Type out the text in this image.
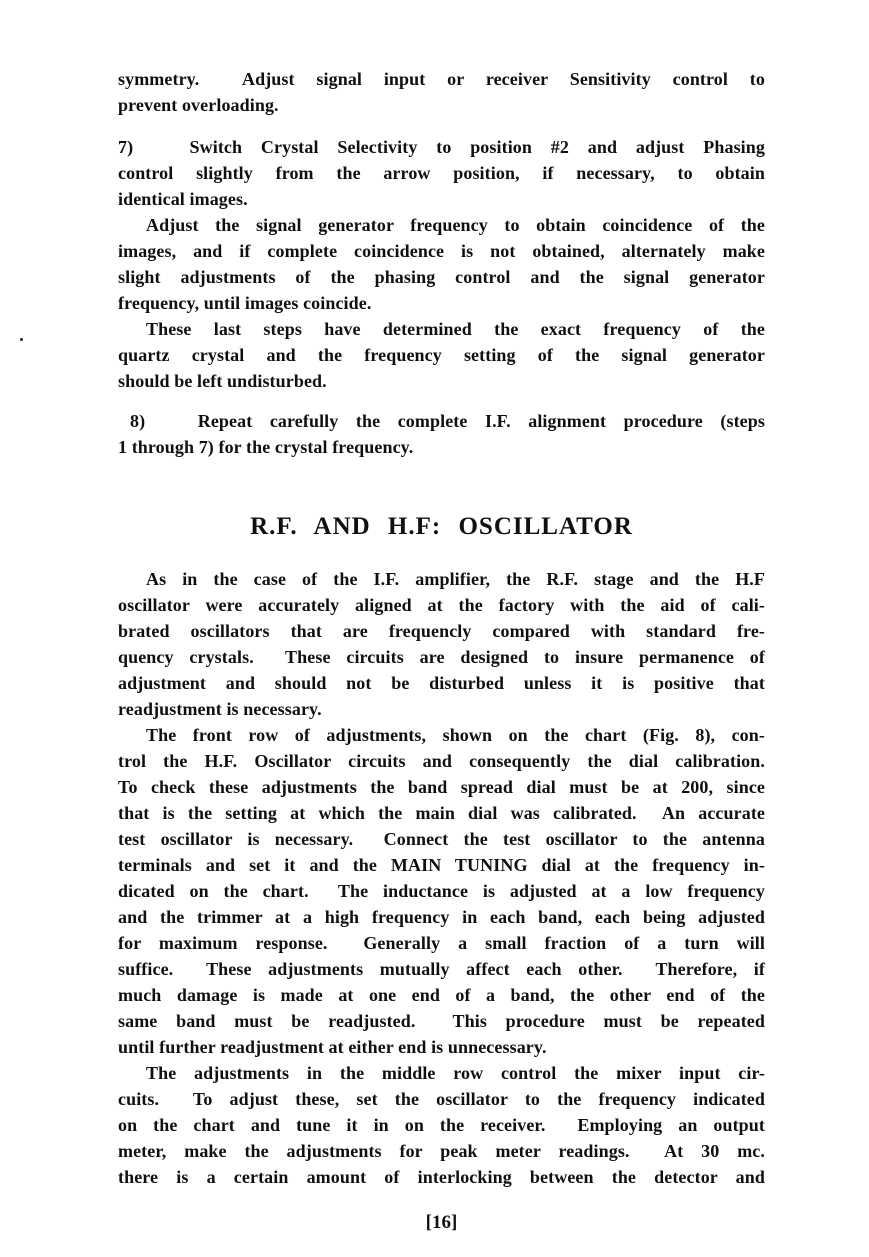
symmetry.  Adjust signal input or receiver Sensitivity control to
prevent overloading.
7)   Switch Crystal Selectivity to position #2 and adjust Phasing
control slightly from the arrow position, if necessary, to obtain
identical images.
Adjust the signal generator frequency to obtain coincidence of the
images, and if complete coincidence is not obtained, alternately make
slight adjustments of the phasing control and the signal generator
frequency, until images coincide.
These last steps have determined the exact frequency of the
quartz crystal and the frequency setting of the signal generator
should be left undisturbed.
8)   Repeat carefully the complete I.F. alignment procedure (steps
1 through 7) for the crystal frequency.
R.F. AND H.F: OSCILLATOR
As in the case of the I.F. amplifier, the R.F. stage and the H.F
oscillator were accurately aligned at the factory with the aid of cali-
brated oscillators that are frequencly compared with standard fre-
quency crystals.  These circuits are designed to insure permanence of
adjustment and should not be disturbed unless it is positive that
readjustment is necessary.
The front row of adjustments, shown on the chart (Fig. 8), con-
trol the H.F. Oscillator circuits and consequently the dial calibration.
To check these adjustments the band spread dial must be at 200, since
that is the setting at which the main dial was calibrated.  An accurate
test oscillator is necessary.  Connect the test oscillator to the antenna
terminals and set it and the MAIN TUNING dial at the frequency in-
dicated on the chart.  The inductance is adjusted at a low frequency
and the trimmer at a high frequency in each band, each being adjusted
for maximum response.  Generally a small fraction of a turn will
suffice.  These adjustments mutually affect each other.  Therefore, if
much damage is made at one end of a band, the other end of the
same band must be readjusted.  This procedure must be repeated
until further readjustment at either end is unnecessary.
The adjustments in the middle row control the mixer input cir-
cuits.  To adjust these, set the oscillator to the frequency indicated
on the chart and tune it in on the receiver.  Employing an output
meter, make the adjustments for peak meter readings.  At 30 mc.
there is a certain amount of interlocking between the detector and
[16]
